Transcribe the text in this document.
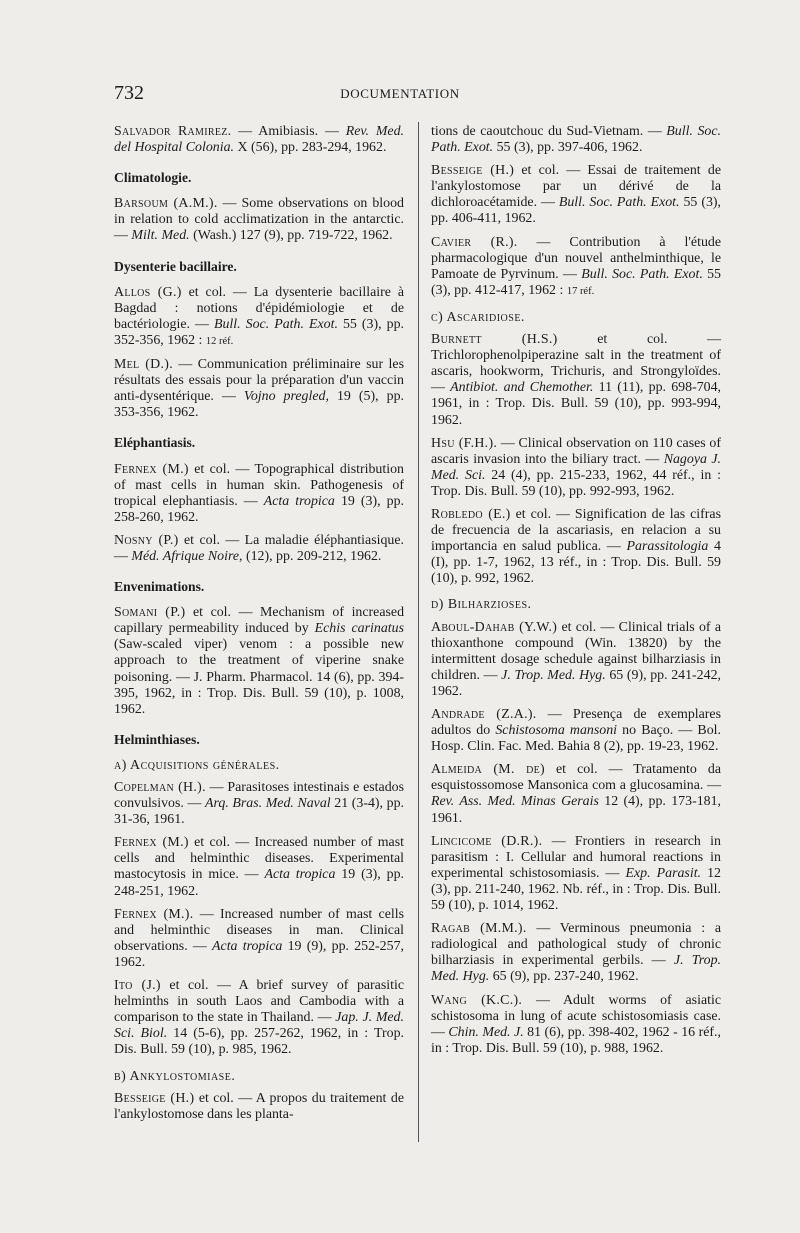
732	DOCUMENTATION
Salvador Ramirez. — Amibiasis. — Rev. Med. del Hospital Colonia. X (56), pp. 283-294, 1962.
Climatologie.
Barsoum (A.M.). — Some observations on blood in relation to cold acclimatization in the antarctic. — Milt. Med. (Wash.) 127 (9), pp. 719-722, 1962.
Dysenterie bacillaire.
Allos (G.) et col. — La dysenterie bacillaire à Bagdad : notions d'épidémiologie et de bactériologie. — Bull. Soc. Path. Exot. 55 (3), pp. 352-356, 1962 : 12 réf.
Mel (D.). — Communication préliminaire sur les résultats des essais pour la préparation d'un vaccin anti-dysentérique. — Vojno pregled, 19 (5), pp. 353-356, 1962.
Eléphantiasis.
Fernex (M.) et col. — Topographical distribution of mast cells in human skin. Pathogenesis of tropical elephantiasis. — Acta tropica 19 (3), pp. 258-260, 1962.
Nosny (P.) et col. — La maladie éléphantiasique. — Méd. Afrique Noire, (12), pp. 209-212, 1962.
Envenimations.
Somani (P.) et col. — Mechanism of increased capillary permeability induced by Echis carinatus (Saw-scaled viper) venom : a possible new approach to the treatment of viperine snake poisoning. — J. Pharm. Pharmacol. 14 (6), pp. 394-395, 1962, in : Trop. Dis. Bull. 59 (10), p. 1008, 1962.
Helminthiases.
a) Acquisitions générales.
Copelman (H.). — Parasitoses intestinais e estados convulsivos. — Arq. Bras. Med. Naval 21 (3-4), pp. 31-36, 1961.
Fernex (M.) et col. — Increased number of mast cells and helminthic diseases. Experimental mastocytosis in mice. — Acta tropica 19 (3), pp. 248-251, 1962.
Fernex (M.). — Increased number of mast cells and helminthic diseases in man. Clinical observations. — Acta tropica 19 (9), pp. 252-257, 1962.
Ito (J.) et col. — A brief survey of parasitic helminths in south Laos and Cambodia with a comparison to the state in Thailand. — Jap. J. Med. Sci. Biol. 14 (5-6), pp. 257-262, 1962, in : Trop. Dis. Bull. 59 (10), p. 985, 1962.
b) Ankylostomiase.
Besseige (H.) et col. — A propos du traitement de l'ankylostomose dans les planta-
tions de caoutchouc du Sud-Vietnam. — Bull. Soc. Path. Exot. 55 (3), pp. 397-406, 1962.
Besseige (H.) et col. — Essai de traitement de l'ankylostomose par un dérivé de la dichloroacétamide. — Bull. Soc. Path. Exot. 55 (3), pp. 406-411, 1962.
Cavier (R.). — Contribution à l'étude pharmacologique d'un nouvel anthelminthique, le Pamoate de Pyrvinum. — Bull. Soc. Path. Exot. 55 (3), pp. 412-417, 1962 : 17 réf.
c) Ascaridiose.
Burnett (H.S.) et col. — Trichlorophenolpiperazine salt in the treatment of ascaris, hookworm, Trichuris, and Strongyloïdes. — Antibiot. and Chemother. 11 (11), pp. 698-704, 1961, in : Trop. Dis. Bull. 59 (10), pp. 993-994, 1962.
Hsu (F.H.). — Clinical observation on 110 cases of ascaris invasion into the biliary tract. — Nagoya J. Med. Sci. 24 (4), pp. 215-233, 1962, 44 réf., in : Trop. Dis. Bull. 59 (10), pp. 992-993, 1962.
Robledo (E.) et col. — Signification de las cifras de frecuencia de la ascariasis, en relacion a su importancia en salud publica. — Parassitologia 4 (I), pp. 1-7, 1962, 13 réf., in : Trop. Dis. Bull. 59 (10), p. 992, 1962.
d) Bilharzioses.
Aboul-Dahab (Y.W.) et col. — Clinical trials of a thioxanthone compound (Win. 13820) by the intermittent dosage schedule against bilharziasis in children. — J. Trop. Med. Hyg. 65 (9), pp. 241-242, 1962.
Andrade (Z.A.). — Presença de exemplares adultos do Schistosoma mansoni no Baço. — Bol. Hosp. Clin. Fac. Med. Bahia 8 (2), pp. 19-23, 1962.
Almeida (M. de) et col. — Tratamento da esquistossomose Mansonica com a glucosamina. — Rev. Ass. Med. Minas Gerais 12 (4), pp. 173-181, 1961.
Lincicome (D.R.). — Frontiers in research in parasitism : I. Cellular and humoral reactions in experimental schistosomiasis. — Exp. Parasit. 12 (3), pp. 211-240, 1962. Nb. réf., in : Trop. Dis. Bull. 59 (10), p. 1014, 1962.
Ragab (M.M.). — Verminous pneumonia : a radiological and pathological study of chronic bilharziasis in experimental gerbils. — J. Trop. Med. Hyg. 65 (9), pp. 237-240, 1962.
Wang (K.C.). — Adult worms of asiatic schistosoma in lung of acute schistosomiasis case. — Chin. Med. J. 81 (6), pp. 398-402, 1962 - 16 réf., in : Trop. Dis. Bull. 59 (10), p. 988, 1962.
